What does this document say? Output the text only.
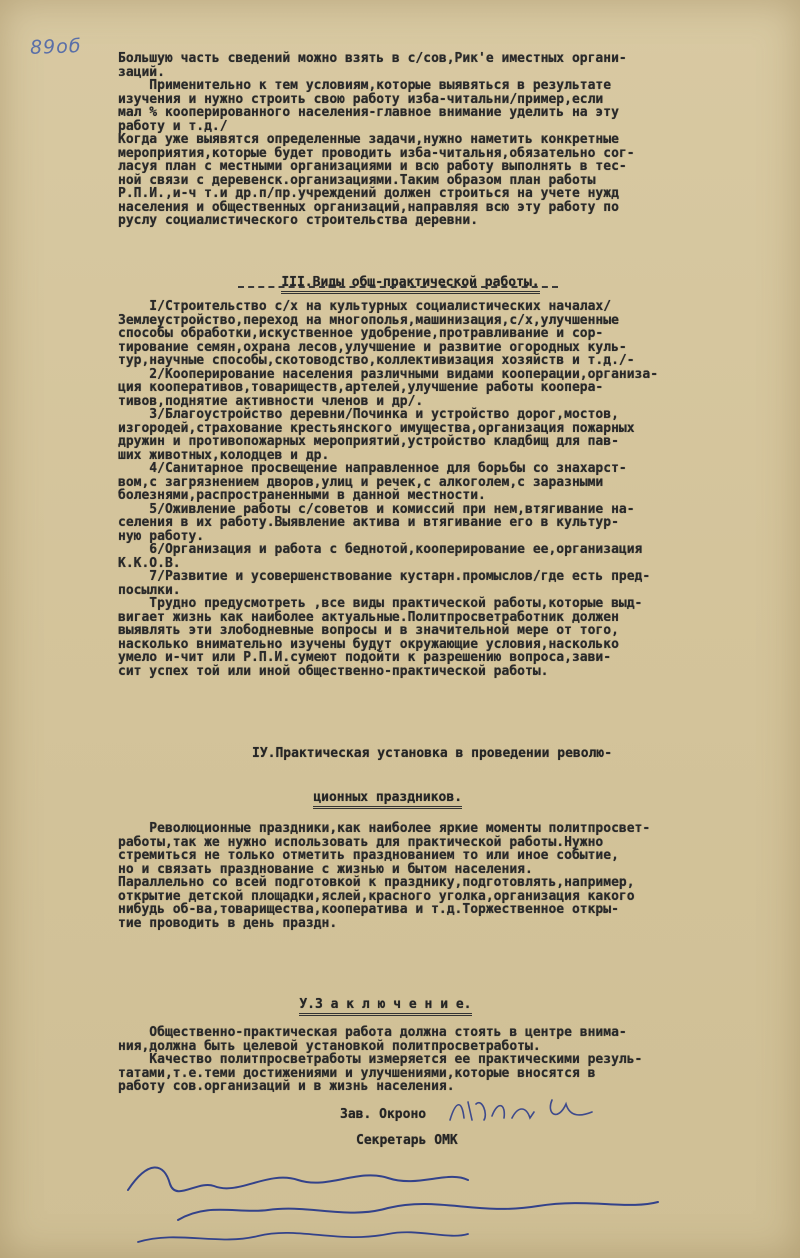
89об	Большую часть сведений можно взять в с/сов,Рик'е иместных органи-
заций.
Применительно к тем условиям,которые выявяться в результате
изучения и нужно строить свою работу изба-читальни/пример,если
мал % кооперированного населения-главное внимание уделить на эту
работу и т.д./
Когда уже выявятся определенные задачи,нужно наметить конкретные
мероприятия,которые будет проводить изба-читальня,обязательно сог-
ласуя план с местными организациями и всю работу выполнять в тес-
ной связи с деревенск.организациями.Таким образом план работы
Р.П.И.,и-ч т.и др.п/пр.учреждений должен строиться на учете нужд
населения и общественных организаций,направляя всю эту работу по
руслу социалистического строительства деревни.

III.Виды общ-практической работы.

I/Строительство с/х на культурных социалистических началах/
Землеустройство,переход на многополья,машинизация,с/х,улучшенные
способы обработки,искуственное удобрение,протравливание и сор-
тирование семян,охрана лесов,улучшение и развитие огородных куль-
тур,научные способы,скотоводство,коллективизация хозяйств и т.д./-
2/Кооперирование населения различными видами кооперации,организа-
ция кооперативов,товариществ,артелей,улучшение работы коопера-
тивов,поднятие активности членов и др/.
3/Благоустройство деревни/Починка и устройство дорог,мостов,
изгородей,страхование крестьянского имущества,организация пожарных
дружин и противопожарных мероприятий,устройство кладбищ для пав-
ших животных,колодцев и др.
4/Санитарное просвещение направленное для борьбы со знахарст-
вом,с загрязнением дворов,улиц и речек,с алкоголем,с заразными
болезнями,распространенными в данной местности.
5/Оживление работы с/советов и комиссий при нем,втягивание на-
селения в их работу.Выявление актива и втягивание его в культур-
ную работу.
6/Организация и работа с беднотой,кооперирование ее,организация
К.К.О.В.
7/Развитие и усовершенствование кустарн.промыслов/где есть пред-
посылки.
Трудно предусмотреть ,все виды практической работы,которые выд-
вигает жизнь как наиболее актуальные.Политпросветработник должен
выявлять эти злободневные вопросы и в значительной мере от того,
насколько внимательно изучены будут окружающие условия,насколько
умело и-чит или Р.П.И.сумеют подойти к разрешению вопроса,зави-
сит успех той или иной общественно-практической работы.
IУ.Практическая установка в проведении револю-

ционных праздников.

Революционные праздники,как наиболее яркие моменты политпросвет-
работы,так же нужно использовать для практической работы.Нужно
стремиться не только отметить празднованием то или иное событие,
но и связать празднование с жизнью и бытом населения.
Параллельно со всей подготовкой к празднику,подготовлять,например,
открытие детской площадки,яслей,красного уголка,организация какого
нибудь об-ва,товарищества,кооператива и т.д.Торжественное откры-
тие проводить в день праздн.

У.З а к л ю ч е н и е.

Общественно-практическая работа должна стоять в центре внима-
ния,должна быть целевой установкой политпросветработы.
Качество политпросветработы измеряется ее практическими резуль-
татами,т.е.теми достижениями и улучшениями,которые вносятся в
работу сов.организаций и в жизнь населения.
Зав. Окроно
Секретарь ОМК
